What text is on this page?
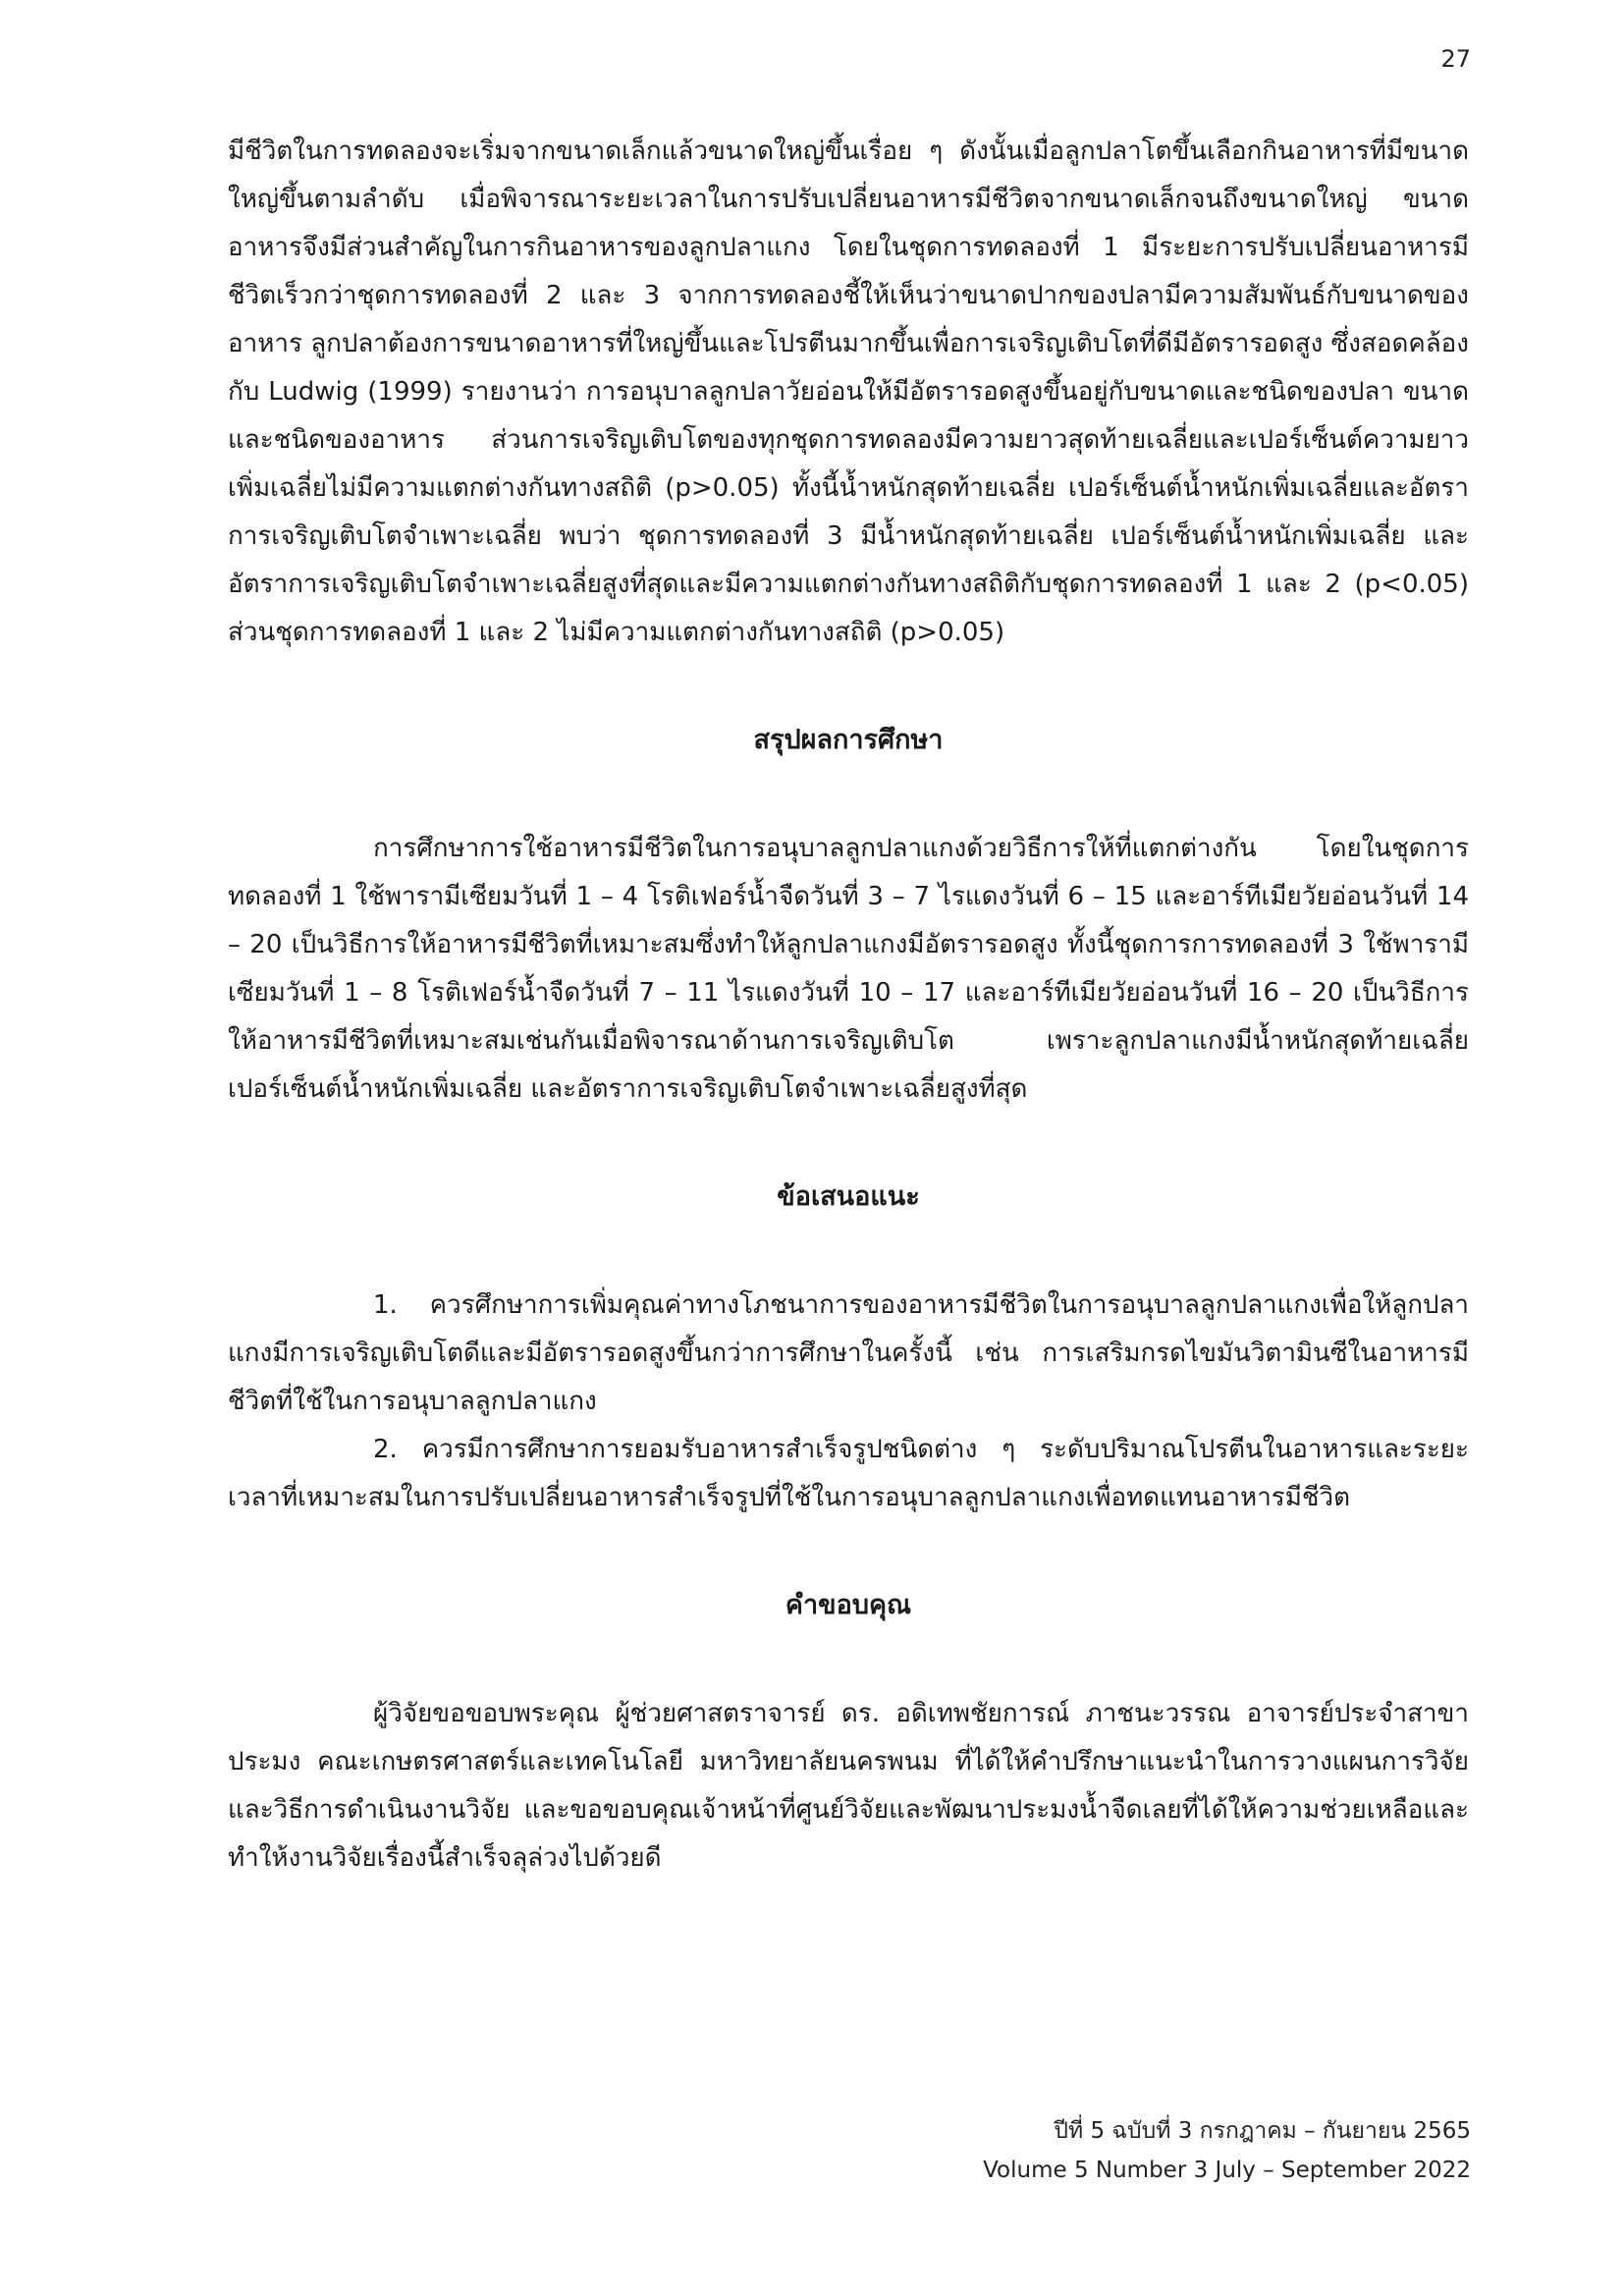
27

มีชีวิตในการทดลองจะเริ่มจากขนาดเล็กแล้วขนาดใหญ่ขึ้นเรื่อย ๆ ดังนั้นเมื่อลูกปลาโตขึ้นเลือกกินอาหารที่มีขนาดใหญ่ขึ้นตามลำดับ เมื่อพิจารณาระยะเวลาในการปรับเปลี่ยนอาหารมีชีวิตจากขนาดเล็กจนถึงขนาดใหญ่ ขนาดอาหารจึงมีส่วนสำคัญในการกินอาหารของลูกปลาแกง โดยในชุดการทดลองที่ 1 มีระยะการปรับเปลี่ยนอาหารมีชีวิตเร็วกว่าชุดการทดลองที่ 2 และ 3 จากการทดลองชี้ให้เห็นว่าขนาดปากของปลามีความสัมพันธ์กับขนาดของอาหาร ลูกปลาต้องการขนาดอาหารที่ใหญ่ขึ้นและโปรตีนมากขึ้นเพื่อการเจริญเติบโตที่ดีมีอัตรารอดสูง ซึ่งสอดคล้องกับ Ludwig (1999) รายงานว่า การอนุบาลลูกปลาวัยอ่อนให้มีอัตรารอดสูงขึ้นอยู่กับขนาดและชนิดของปลา ขนาดและชนิดของอาหาร ส่วนการเจริญเติบโตของทุกชุดการทดลองมีความยาวสุดท้ายเฉลี่ยและเปอร์เซ็นต์ความยาวเพิ่มเฉลี่ยไม่มีความแตกต่างกันทางสถิติ (p>0.05) ทั้งนี้น้ำหนักสุดท้ายเฉลี่ย เปอร์เซ็นต์น้ำหนักเพิ่มเฉลี่ยและอัตราการเจริญเติบโตจำเพาะเฉลี่ย พบว่า ชุดการทดลองที่ 3 มีน้ำหนักสุดท้ายเฉลี่ย เปอร์เซ็นต์น้ำหนักเพิ่มเฉลี่ย และอัตราการเจริญเติบโตจำเพาะเฉลี่ยสูงที่สุดและมีความแตกต่างกันทางสถิติกับชุดการทดลองที่ 1 และ 2 (p<0.05) ส่วนชุดการทดลองที่ 1 และ 2 ไม่มีความแตกต่างกันทางสถิติ (p>0.05)

สรุปผลการศึกษา

การศึกษาการใช้อาหารมีชีวิตในการอนุบาลลูกปลาแกงด้วยวิธีการให้ที่แตกต่างกัน โดยในชุดการทดลองที่ 1 ใช้พารามีเซียมวันที่ 1 – 4 โรติเฟอร์น้ำจืดวันที่ 3 – 7 ไรแดงวันที่ 6 – 15 และอาร์ทีเมียวัยอ่อนวันที่ 14 – 20 เป็นวิธีการให้อาหารมีชีวิตที่เหมาะสมซึ่งทำให้ลูกปลาแกงมีอัตรารอดสูง ทั้งนี้ชุดการการทดลองที่ 3 ใช้พารามีเซียมวันที่ 1 – 8 โรติเฟอร์น้ำจืดวันที่ 7 – 11 ไรแดงวันที่ 10 – 17 และอาร์ทีเมียวัยอ่อนวันที่ 16 – 20 เป็นวิธีการให้อาหารมีชีวิตที่เหมาะสมเช่นกันเมื่อพิจารณาด้านการเจริญเติบโต เพราะลูกปลาแกงมีน้ำหนักสุดท้ายเฉลี่ย เปอร์เซ็นต์น้ำหนักเพิ่มเฉลี่ย และอัตราการเจริญเติบโตจำเพาะเฉลี่ยสูงที่สุด

ข้อเสนอแนะ

1. ควรศึกษาการเพิ่มคุณค่าทางโภชนาการของอาหารมีชีวิตในการอนุบาลลูกปลาแกงเพื่อให้ลูกปลาแกงมีการเจริญเติบโตดีและมีอัตรารอดสูงขึ้นกว่าการศึกษาในครั้งนี้ เช่น การเสริมกรดไขมันวิตามินซีในอาหารมีชีวิตที่ใช้ในการอนุบาลลูกปลาแกง

2. ควรมีการศึกษาการยอมรับอาหารสำเร็จรูปชนิดต่าง ๆ ระดับปริมาณโปรตีนในอาหารและระยะเวลาที่เหมาะสมในการปรับเปลี่ยนอาหารสำเร็จรูปที่ใช้ในการอนุบาลลูกปลาแกงเพื่อทดแทนอาหารมีชีวิต

คำขอบคุณ

ผู้วิจัยขอขอบพระคุณ ผู้ช่วยศาสตราจารย์ ดร. อดิเทพชัยการณ์ ภาชนะวรรณ อาจารย์ประจำสาขาประมง คณะเกษตรศาสตร์และเทคโนโลยี มหาวิทยาลัยนครพนม ที่ได้ให้คำปรึกษาแนะนำในการวางแผนการวิจัย และวิธีการดำเนินงานวิจัย และขอขอบคุณเจ้าหน้าที่ศูนย์วิจัยและพัฒนาประมงน้ำจืดเลยที่ได้ให้ความช่วยเหลือและทำให้งานวิจัยเรื่องนี้สำเร็จลุล่วงไปด้วยดี

ปีที่ 5 ฉบับที่ 3 กรกฎาคม – กันยายน 2565
Volume 5 Number 3 July – September 2022
